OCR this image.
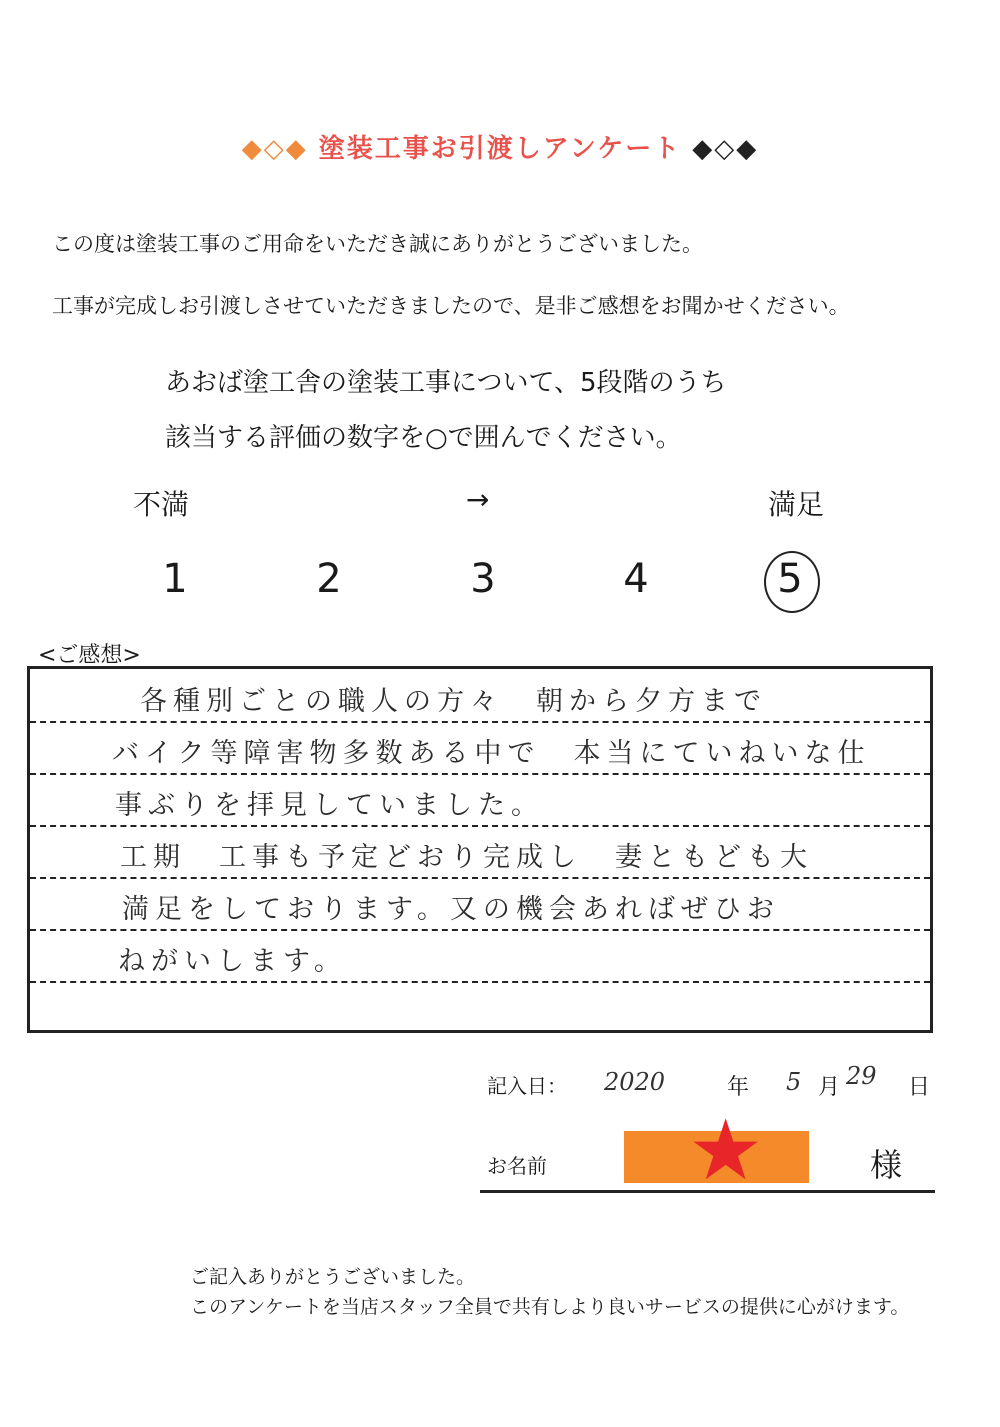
◆◇◆ 塗装工事お引渡しアンケート ◆◇◆
この度は塗装工事のご用命をいただき誠にありがとうございました。
工事が完成しお引渡しさせていただきましたので、是非ご感想をお聞かせください。
あおば塗工舎の塗装工事について、5段階のうち
該当する評価の数字を○で囲んでください。
不満	→	満足
1	2	3	4	5
<ご感想>
各種別ごとの職人の方々　朝から夕方まで
バイク等障害物多数ある中で　本当にていねいな仕
事ぶりを拝見していました。
工期　工事も予定どおり完成し　妻ともども大
満足をしております。又の機会あればぜひお
ねがいします。
記入日： 2020	年 5 月 29 日
お名前 ★	様
ご記入ありがとうございました。
このアンケートを当店スタッフ全員で共有しより良いサービスの提供に心がけます。
